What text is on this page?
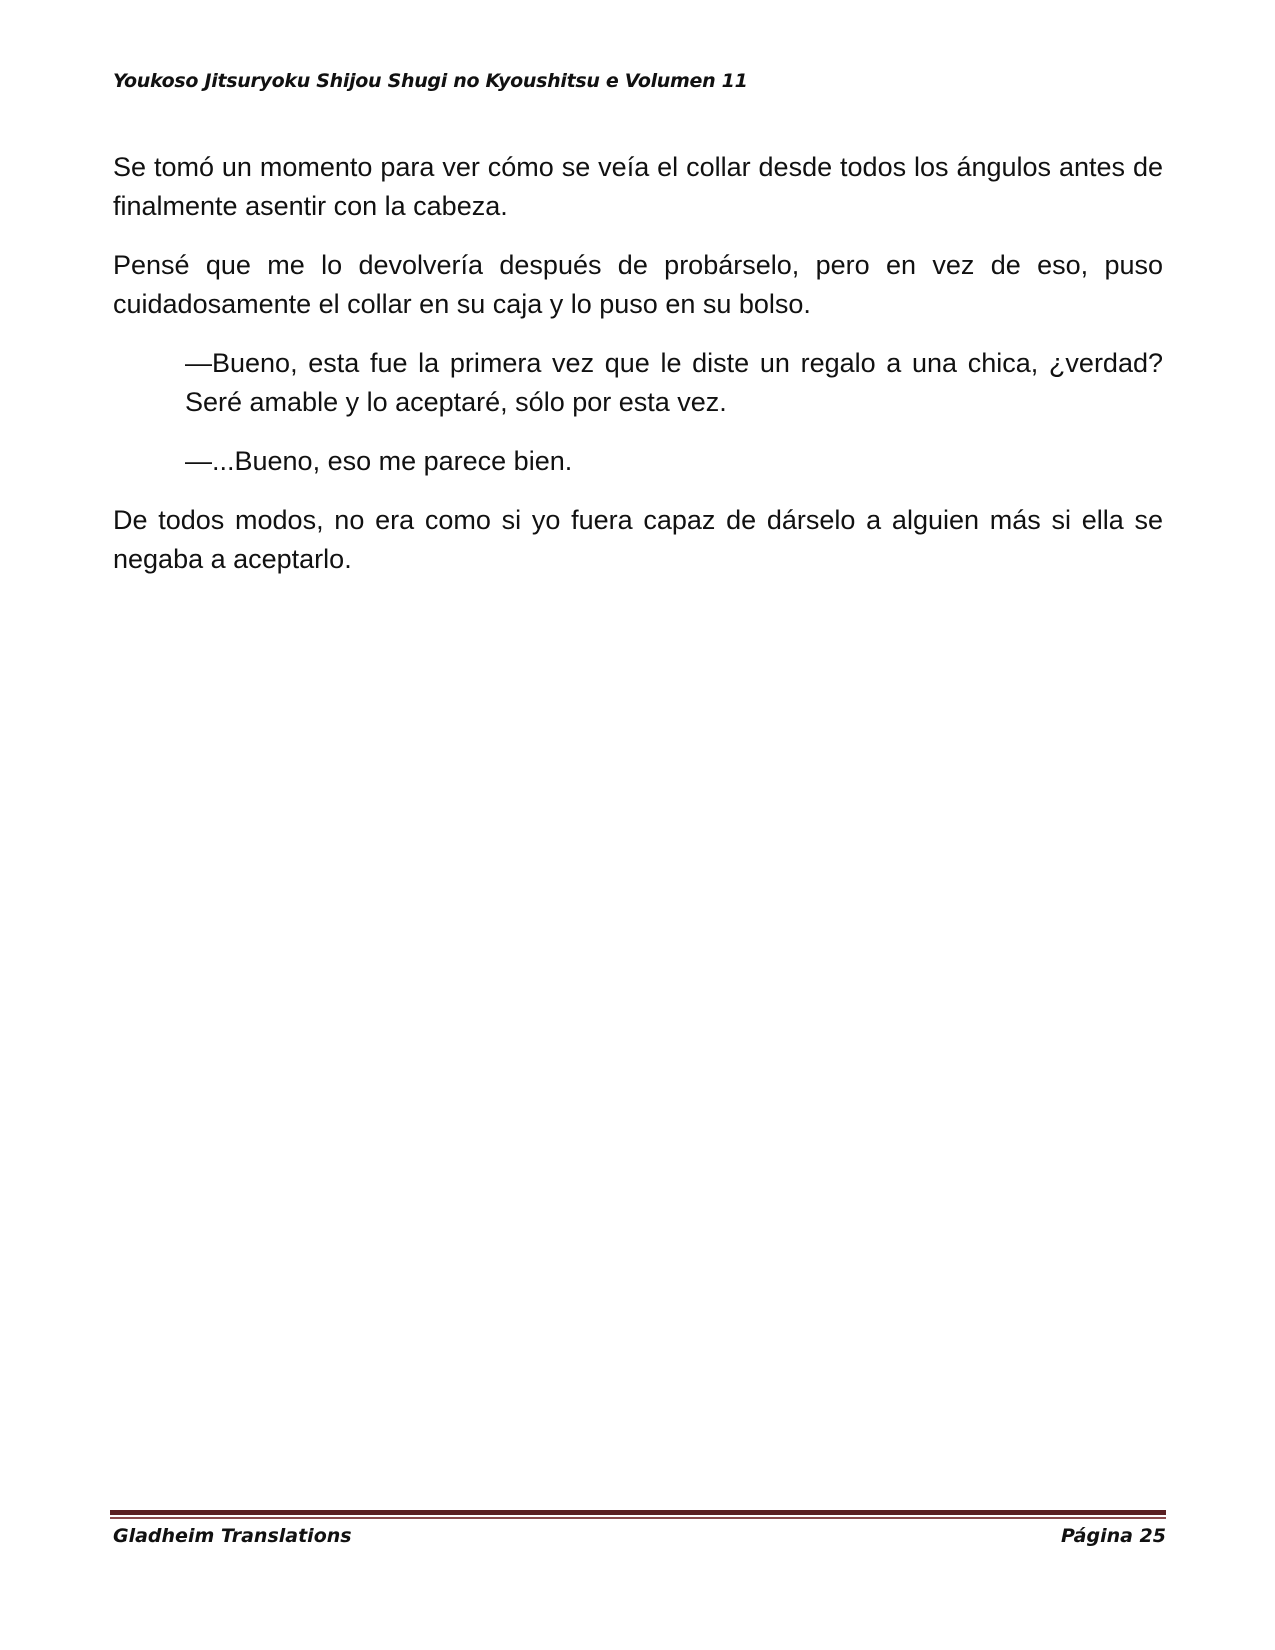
Youkoso Jitsuryoku Shijou Shugi no Kyoushitsu e Volumen 11

Se tomó un momento para ver cómo se veía el collar desde todos los ángulos antes de finalmente asentir con la cabeza.

Pensé que me lo devolvería después de probárselo, pero en vez de eso, puso cuidadosamente el collar en su caja y lo puso en su bolso.

—Bueno, esta fue la primera vez que le diste un regalo a una chica, ¿verdad? Seré amable y lo aceptaré, sólo por esta vez.

—...Bueno, eso me parece bien.

De todos modos, no era como si yo fuera capaz de dárselo a alguien más si ella se negaba a aceptarlo.

Gladheim Translations	Página 25
